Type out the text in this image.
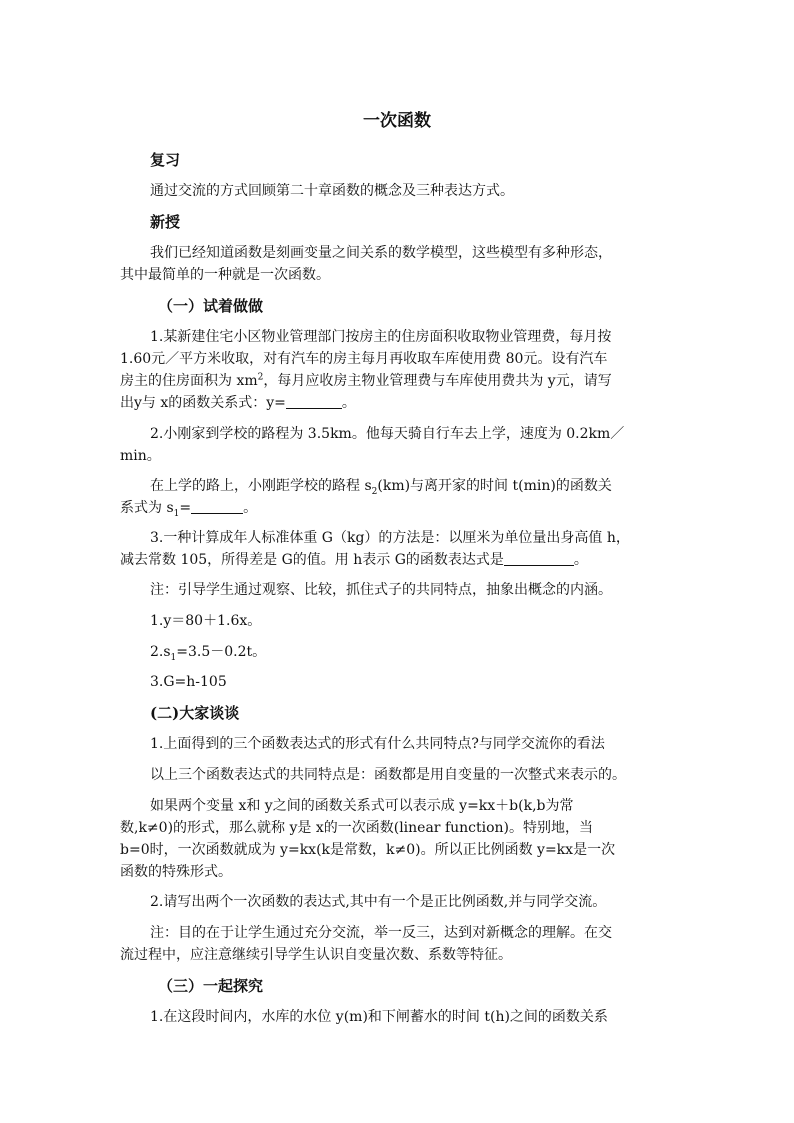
一次函数

复习

通过交流的方式回顾第二十章函数的概念及三种表达方式。

新授

我们已经知道函数是刻画变量之间关系的数学模型，这些模型有多种形态，

其中最简单的一种就是一次函数。

（一）试着做做

1.某新建住宅小区物业管理部门按房主的住房面积收取物业管理费，每月按

1.60元／平方米收取，对有汽车的房主每月再收取车库使用费 80元。设有汽车

房主的住房面积为 $xm^2$，每月应收房主物业管理费与车库使用费共为 y元，请写

出y与 x的函数关系式：y=	。

2.小刚家到学校的路程为 3.5km。他每天骑自行车去上学，速度为 0.2km／

min。

在上学的路上，小刚距学校的路程 $s_2(km)$与离开家的时间 t(min)的函数关

系式为 $s_1=$	。

3.一种计算成年人标准体重 G（kg）的方法是：以厘米为单位量出身高值 h，

减去常数 105，所得差是 G的值。用 h表示 G的函数表达式是	。

注：引导学生通过观察、比较，抓住式子的共同特点，抽象出概念的内涵。

1.y＝80＋1.6x。

$2.s_1=3.5-0.2t$。

3.G=h-105

(二)大家谈谈

1.上面得到的三个函数表达式的形式有什么共同特点?与同学交流你的看法

以上三个函数表达式的共同特点是：函数都是用自变量的一次整式来表示的。

如果两个变量 x和 y之间的函数关系式可以表示成 y=kx＋b(k,b为常

数,k≠0)的形式，那么就称 y是 x的一次函数(linear function)。特别地，当

b=0时，一次函数就成为 y=kx(k是常数，k≠0)。所以正比例函数 y=kx是一次

函数的特殊形式。

2.请写出两个一次函数的表达式,其中有一个是正比例函数,并与同学交流。

注：目的在于让学生通过充分交流，举一反三，达到对新概念的理解。在交

流过程中，应注意继续引导学生认识自变量次数、系数等特征。

（三）一起探究

1.在这段时间内，水库的水位 y(m)和下闸蓄水的时间 t(h)之间的函数关系
